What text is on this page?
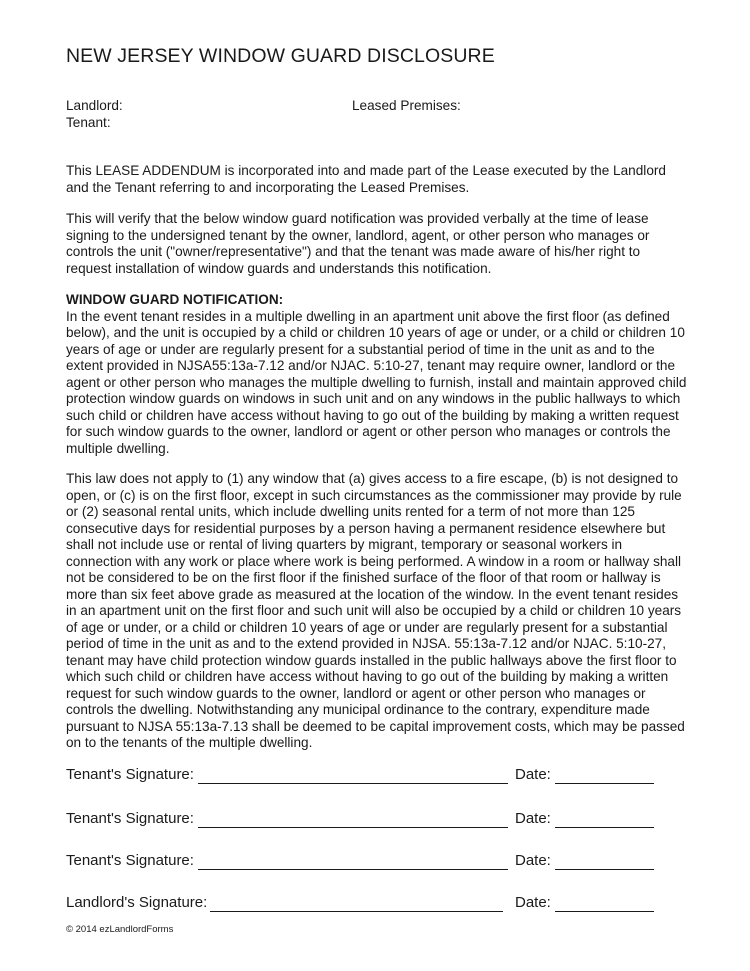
NEW JERSEY WINDOW GUARD DISCLOSURE
Landlord:	Leased Premises:
Tenant:

This LEASE ADDENDUM is incorporated into and made part of the Lease executed by the Landlord and the Tenant referring to and incorporating the Leased Premises.

This will verify that the below window guard notification was provided verbally at the time of lease signing to the undersigned tenant by the owner, landlord, agent, or other person who manages or controls the unit ("owner/representative") and that the tenant was made aware of his/her right to request installation of window guards and understands this notification.

WINDOW GUARD NOTIFICATION:

In the event tenant resides in a multiple dwelling in an apartment unit above the first floor (as defined below), and the unit is occupied by a child or children 10 years of age or under, or a child or children 10 years of age or under are regularly present for a substantial period of time in the unit as and to the extent provided in NJSA55:13a-7.12 and/or NJAC. 5:10-27, tenant may require owner, landlord or the agent or other person who manages the multiple dwelling to furnish, install and maintain approved child protection window guards on windows in such unit and on any windows in the public hallways to which such child or children have access without having to go out of the building by making a written request for such window guards to the owner, landlord or agent or other person who manages or controls the multiple dwelling.

This law does not apply to (1) any window that (a) gives access to a fire escape, (b) is not designed to open, or (c) is on the first floor, except in such circumstances as the commissioner may provide by rule or (2) seasonal rental units, which include dwelling units rented for a term of not more than 125 consecutive days for residential purposes by a person having a permanent residence elsewhere but shall not include use or rental of living quarters by migrant, temporary or seasonal workers in connection with any work or place where work is being performed. A window in a room or hallway shall not be considered to be on the first floor if the finished surface of the floor of that room or hallway is more than six feet above grade as measured at the location of the window. In the event tenant resides in an apartment unit on the first floor and such unit will also be occupied by a child or children 10 years of age or under, or a child or children 10 years of age or under are regularly present for a substantial period of time in the unit as and to the extend provided in NJSA. 55:13a-7.12 and/or NJAC. 5:10-27, tenant may have child protection window guards installed in the public hallways above the first floor to which such child or children have access without having to go out of the building by making a written request for such window guards to the owner, landlord or agent or other person who manages or controls the dwelling. Notwithstanding any municipal ordinance to the contrary, expenditure made pursuant to NJSA 55:13a-7.13 shall be deemed to be capital improvement costs, which may be passed on to the tenants of the multiple dwelling.

Tenant's Signature:	Date:
Tenant's Signature:	Date:
Tenant's Signature:	Date:
Landlord's Signature:	Date:
© 2014 ezLandlordForms
